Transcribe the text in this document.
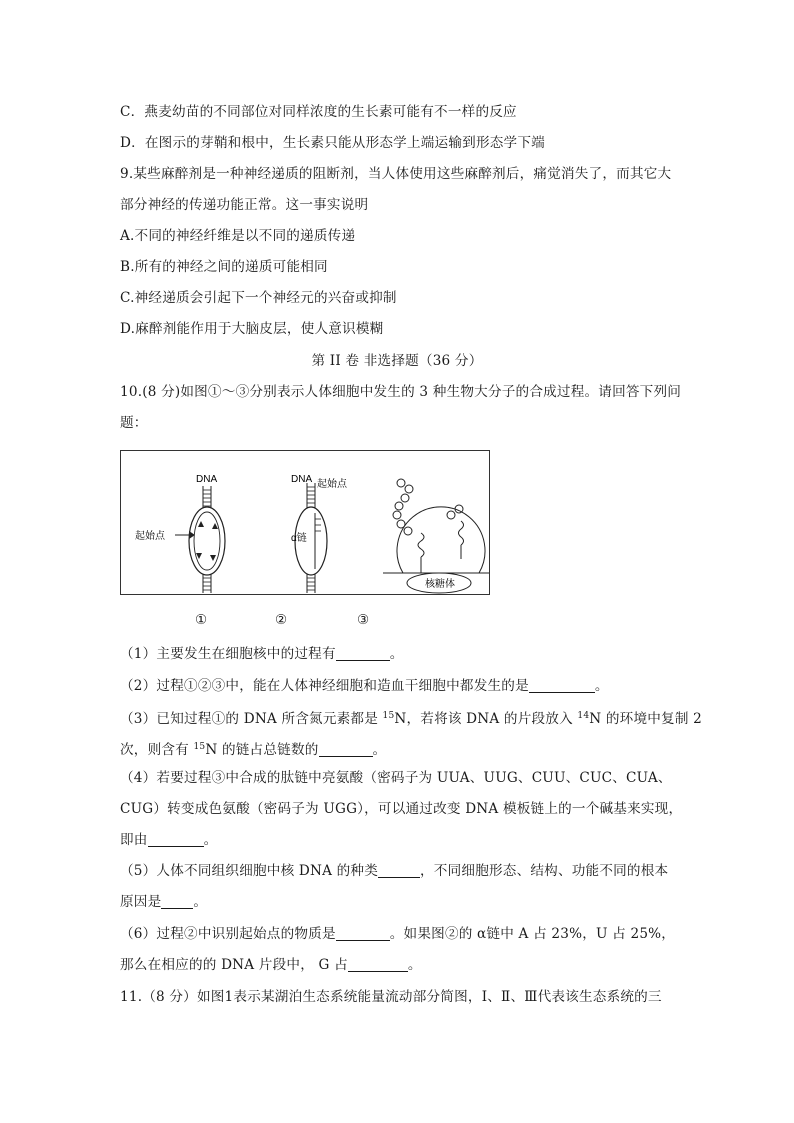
C．燕麦幼苗的不同部位对同样浓度的生长素可能有不一样的反应
D．在图示的芽鞘和根中，生长素只能从形态学上端运输到形态学下端
9.某些麻醉剂是一种神经递质的阻断剂，当人体使用这些麻醉剂后，痛觉消失了，而其它大
部分神经的传递功能正常。这一事实说明
A.不同的神经纤维是以不同的递质传递
B.所有的神经之间的递质可能相同
C.神经递质会引起下一个神经元的兴奋或抑制
D.麻醉剂能作用于大脑皮层，使人意识模糊
第 II 卷 非选择题（36 分）
10.(8 分)如图①～③分别表示人体细胞中发生的 3 种生物大分子的合成过程。请回答下列问
题：
DNA
起始点
DNA 起始点
α链
核糖体
①	②	③
（1）主要发生在细胞核中的过程有	。
（2）过程①②③中，能在人体神经细胞和造血干细胞中都发生的是	。
（3）已知过程①的 DNA 所含氮元素都是 $^{15}$N，若将该 DNA 的片段放入 $^{14}$N 的环境中复制 2
次，则含有 $^{15}$N 的链占总链数的	。
（4）若要过程③中合成的肽链中亮氨酸（密码子为 UUA、UUG、CUU、CUC、CUA、
CUG）转变成色氨酸（密码子为 UGG），可以通过改变 DNA 模板链上的一个碱基来实现，
即由	。
（5）人体不同组织细胞中核 DNA 的种类	，不同细胞形态、结构、功能不同的根本
原因是 。
（6）过程②中识别起始点的物质是	。如果图②的 α链中 A 占 23%，U 占 25%，
那么在相应的的 DNA 片段中， G 占	。
11.（8 分）如图1表示某湖泊生态系统能量流动部分简图，Ⅰ、Ⅱ、Ⅲ代表该生态系统的三
